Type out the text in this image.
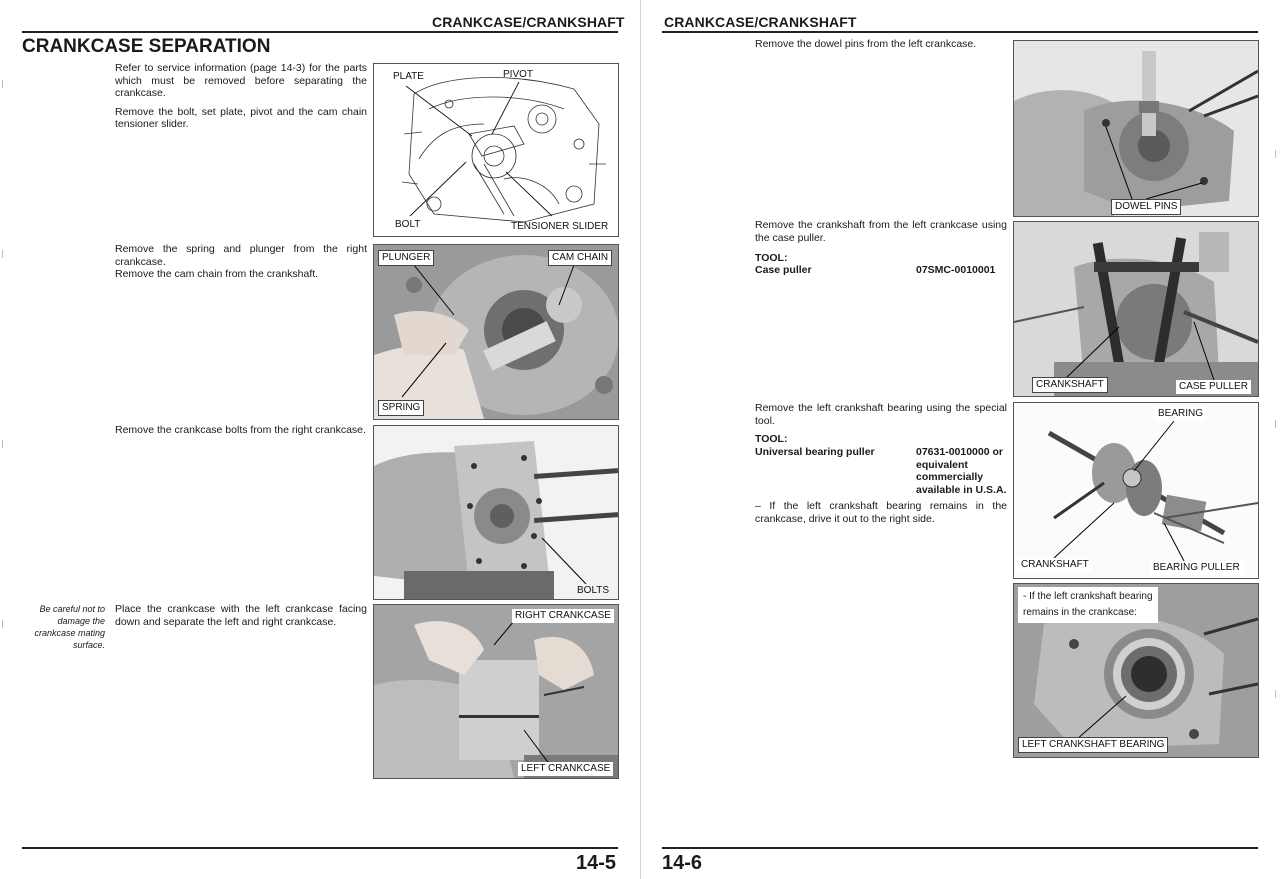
CRANKCASE/CRANKSHAFT
CRANKCASE SEPARATION

Refer to service information (page 14-3) for the parts which must be removed before separating the crankcase.

Remove the bolt, set plate, pivot and the cam chain tensioner slider.

PLATE	PIVOT
BOLT	TENSIONER SLIDER

Remove the spring and plunger from the right crankcase.

Remove the cam chain from the crankshaft.

PLUNGER	CAM CHAIN
SPRING

Remove the crankcase bolts from the right crankcase.

BOLTS
Be careful not to damage the crankcase mating surface.

Place the crankcase with the left crankcase facing down and separate the left and right crankcase.	RIGHT CRANKCASE
LEFT CRANKCASE
14-5
CRANKCASE/CRANKSHAFT

Remove the dowel pins from the left crankcase.

DOWEL PINS

Remove the crankshaft from the left crankcase using the case puller.

TOOL:
Case puller	07SMC-0010001
CRANKSHAFT	CASE PULLER

Remove the left crankshaft bearing using the special tool.

TOOL:
Universal bearing puller	07631-0010000 or equivalent commercially available in U.S.A.
– If the left crankshaft bearing remains in the crankcase, drive it out to the right side.
BEARING
CRANKSHAFT	BEARING PULLER
- If the left crankshaft bearing
remains in the crankcase:
LEFT CRANKSHAFT BEARING
14-6
